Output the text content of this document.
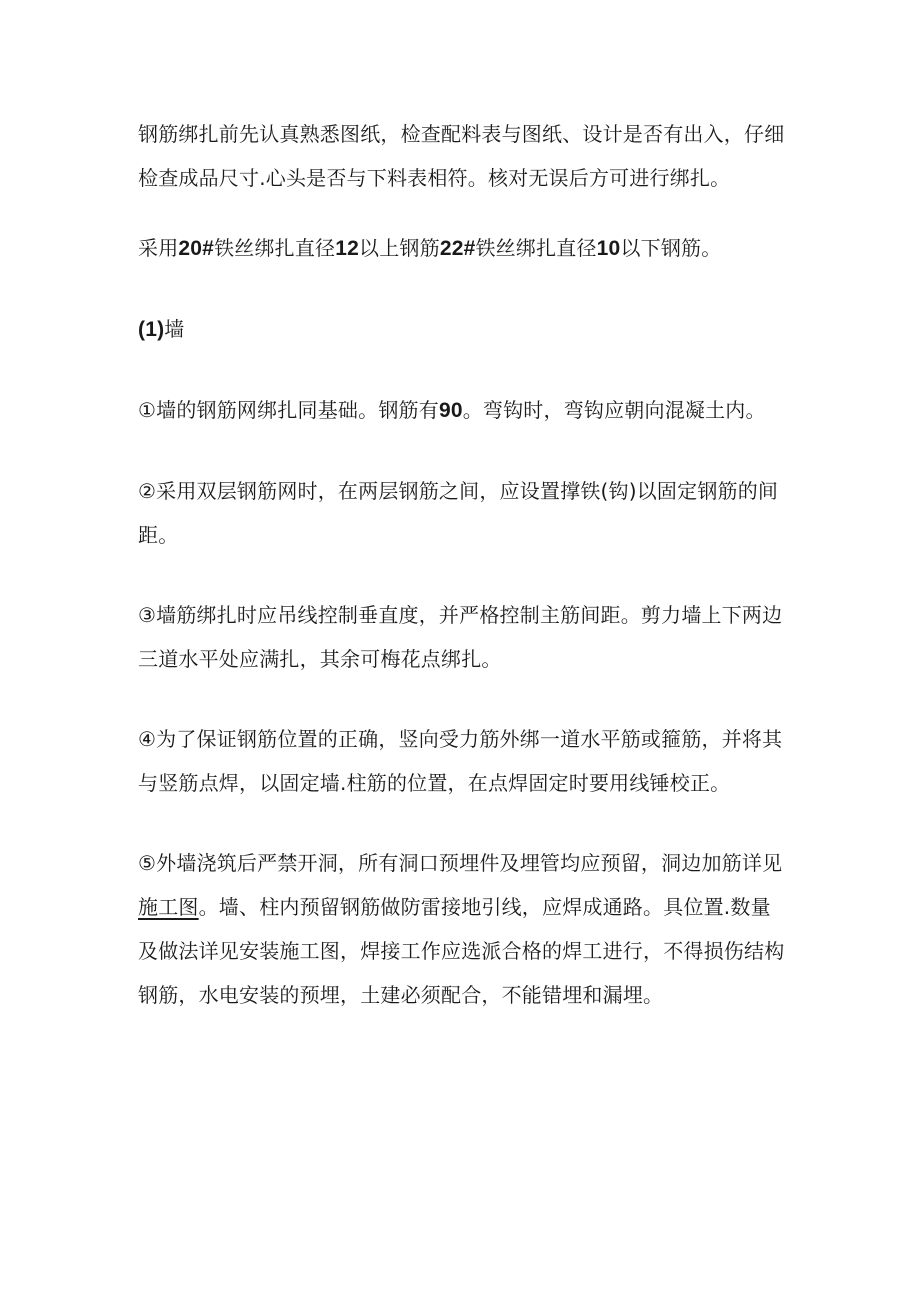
钢筋绑扎前先认真熟悉图纸，检查配料表与图纸、设计是否有出入，仔细检查成品尺寸.心头是否与下料表相符。核对无误后方可进行绑扎。

采用20#铁丝绑扎直径12以上钢筋22#铁丝绑扎直径10以下钢筋。

(1)墙

①墙的钢筋网绑扎同基础。钢筋有90。弯钩时，弯钩应朝向混凝土内。

②采用双层钢筋网时，在两层钢筋之间，应设置撑铁(钩)以固定钢筋的间距。

③墙筋绑扎时应吊线控制垂直度，并严格控制主筋间距。剪力墙上下两边三道水平处应满扎，其余可梅花点绑扎。

④为了保证钢筋位置的正确，竖向受力筋外绑一道水平筋或箍筋，并将其与竖筋点焊，以固定墙.柱筋的位置，在点焊固定时要用线锤校正。

⑤外墙浇筑后严禁开洞，所有洞口预埋件及埋管均应预留，洞边加筋详见施工图。墙、柱内预留钢筋做防雷接地引线，应焊成通路。具位置.数量及做法详见安装施工图，焊接工作应选派合格的焊工进行，不得损伤结构钢筋，水电安装的预埋，土建必须配合，不能错埋和漏埋。
